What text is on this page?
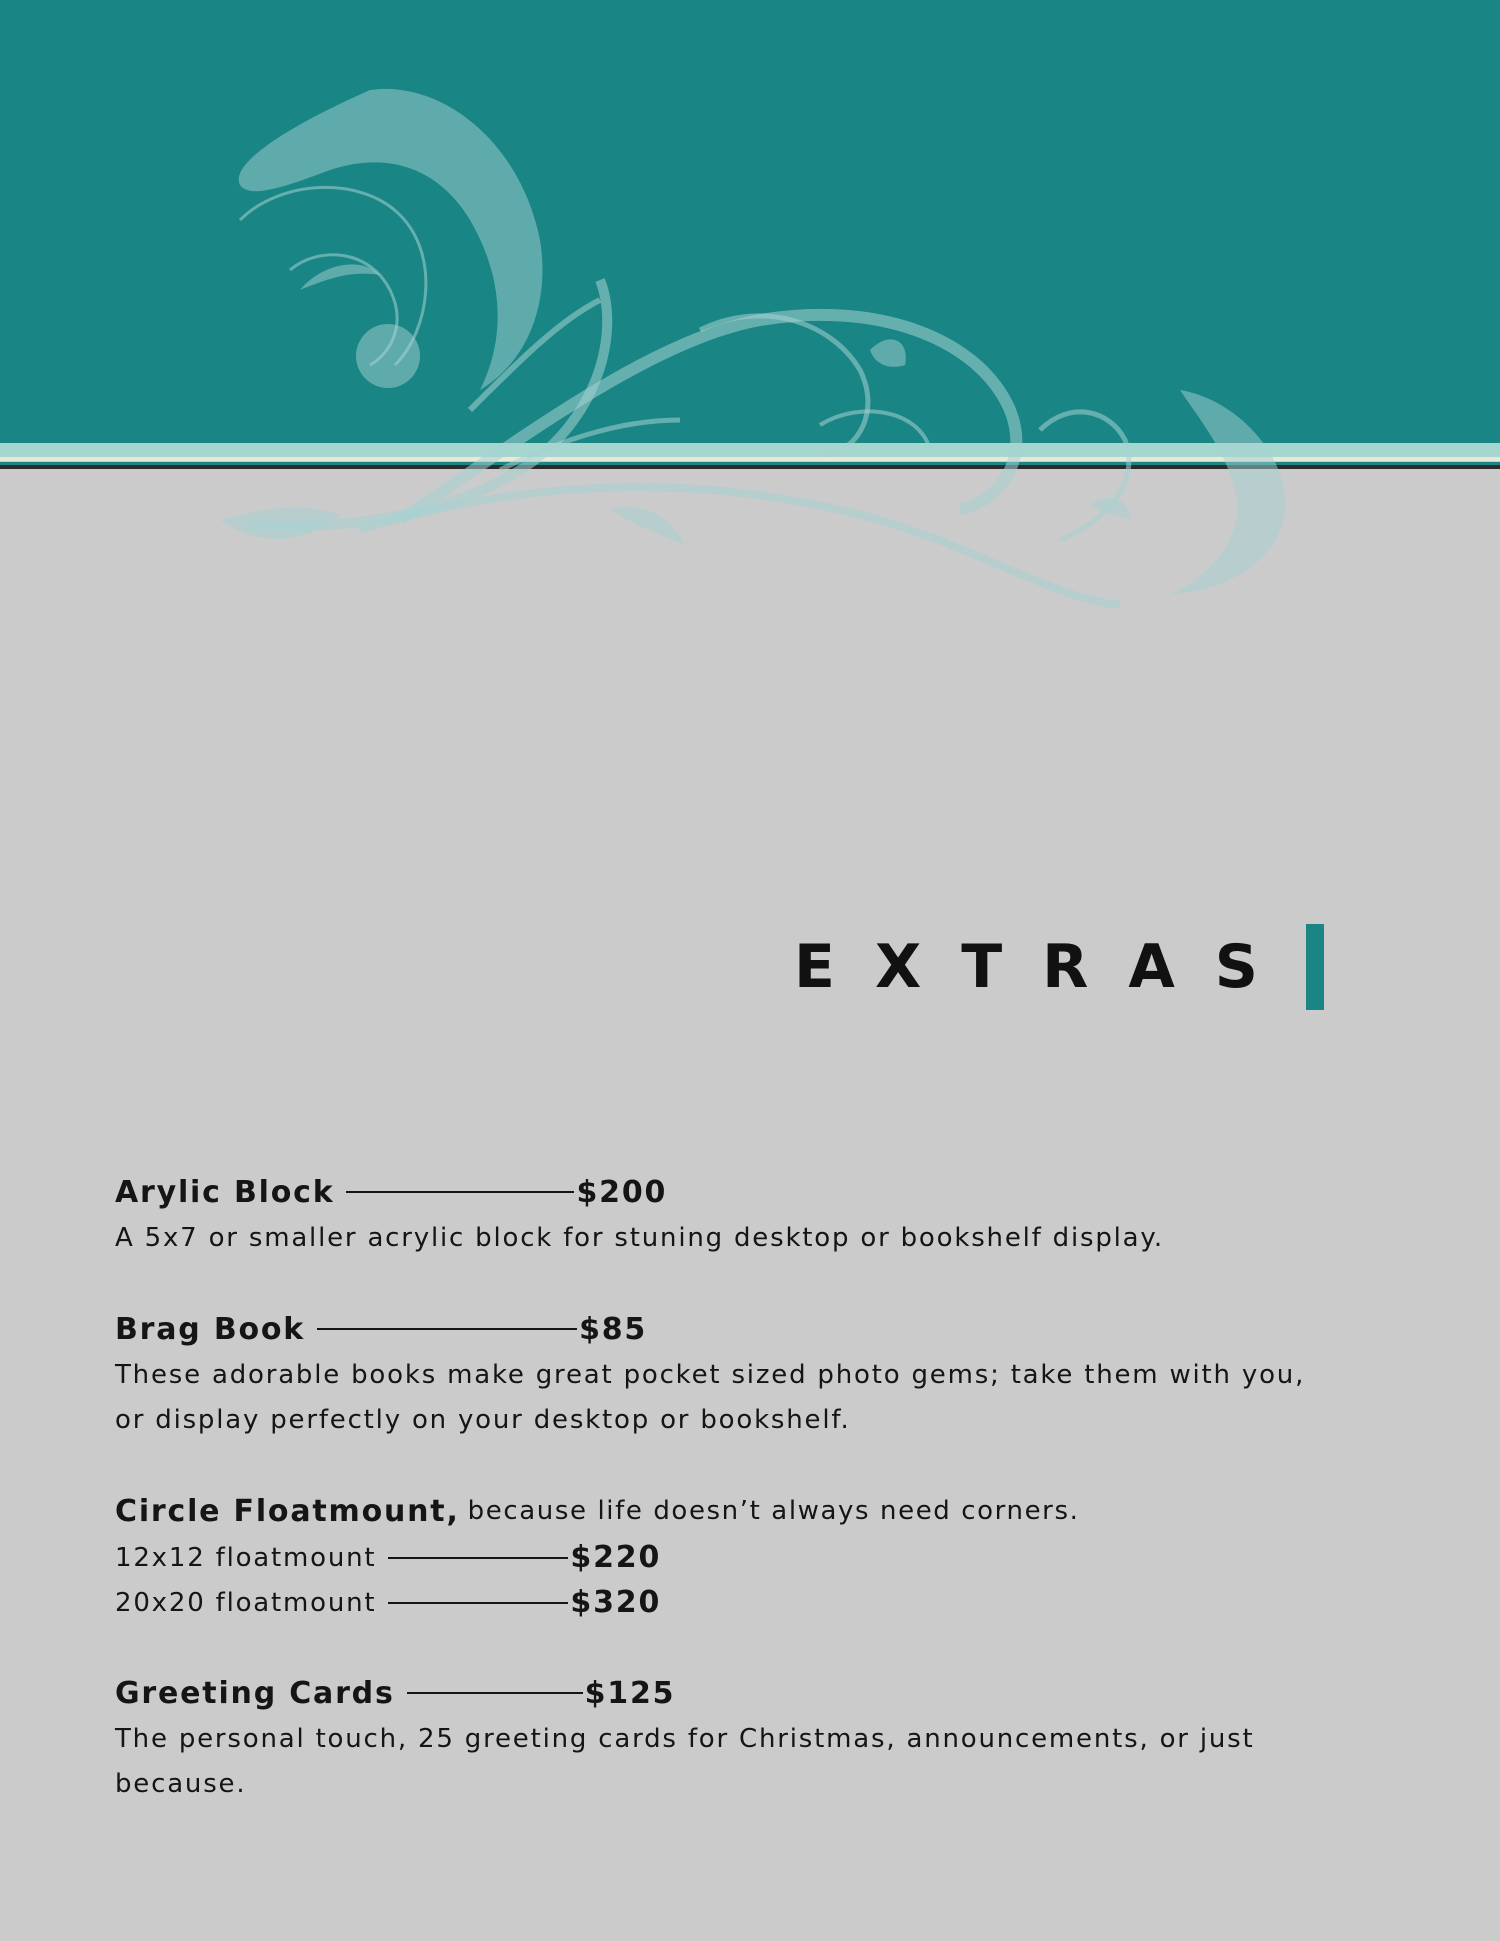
EXTRAS
Arylic Block	$200
A 5x7 or smaller acrylic block for stuning desktop or bookshelf display.
Brag Book	$85
These adorable books make great pocket sized photo gems; take them with you, or display perfectly on your desktop or bookshelf.
Circle Floatmount, because life doesn’t always need corners.
12x12 floatmount	$220
20x20 floatmount	$320
Greeting Cards	$125
The personal touch, 25 greeting cards for Christmas, announcements, or just because.
